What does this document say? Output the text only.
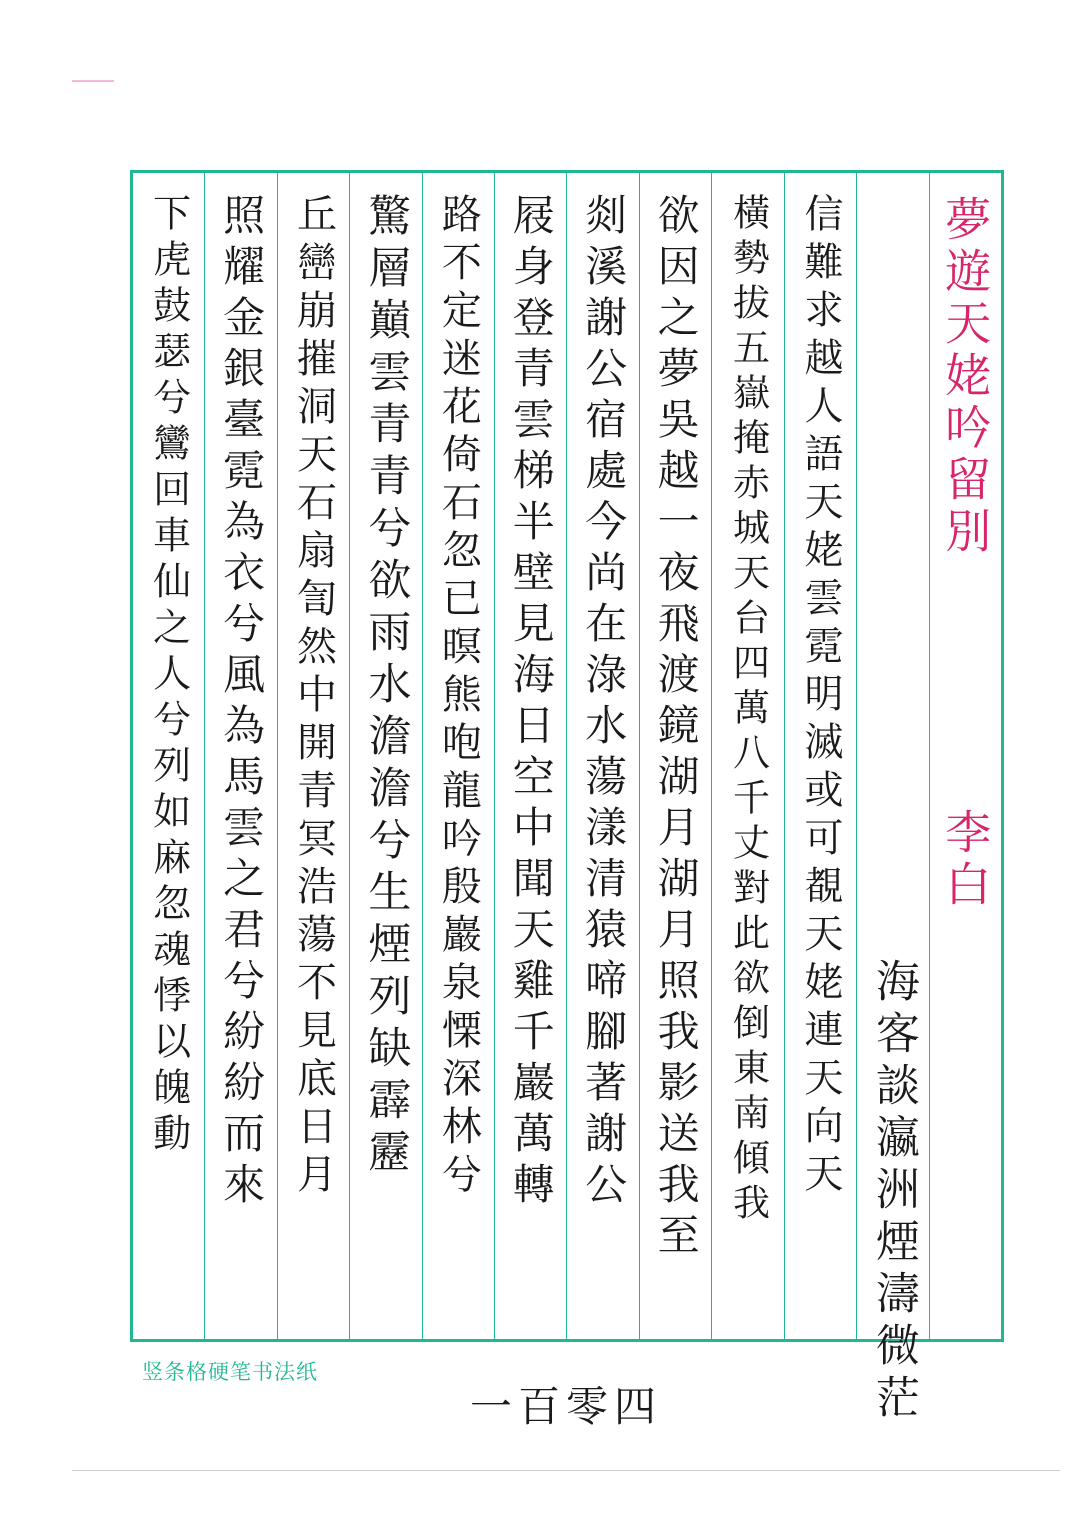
夢遊天姥吟留別
李白
海客談瀛洲煙濤微茫
信難求越人語天姥雲霓明滅或可覩天姥連天向天
橫勢拔五嶽掩赤城天台四萬八千丈對此欲倒東南傾我
欲因之夢吳越一夜飛渡鏡湖月湖月照我影送我至
剡溪謝公宿處今尚在淥水蕩漾清猿啼腳著謝公
屐身登青雲梯半壁見海日空中聞天雞千巖萬轉
路不定迷花倚石忽已暝熊咆龍吟殷巖泉慄深林兮
驚層巔雲青青兮欲雨水澹澹兮生煙列缺霹靂
丘巒崩摧洞天石扇訇然中開青冥浩蕩不見底日月
照耀金銀臺霓為衣兮風為馬雲之君兮紛紛而來
下虎鼓瑟兮鸞回車仙之人兮列如麻忽魂悸以魄動
竖条格硬笔书法纸
一百零四
